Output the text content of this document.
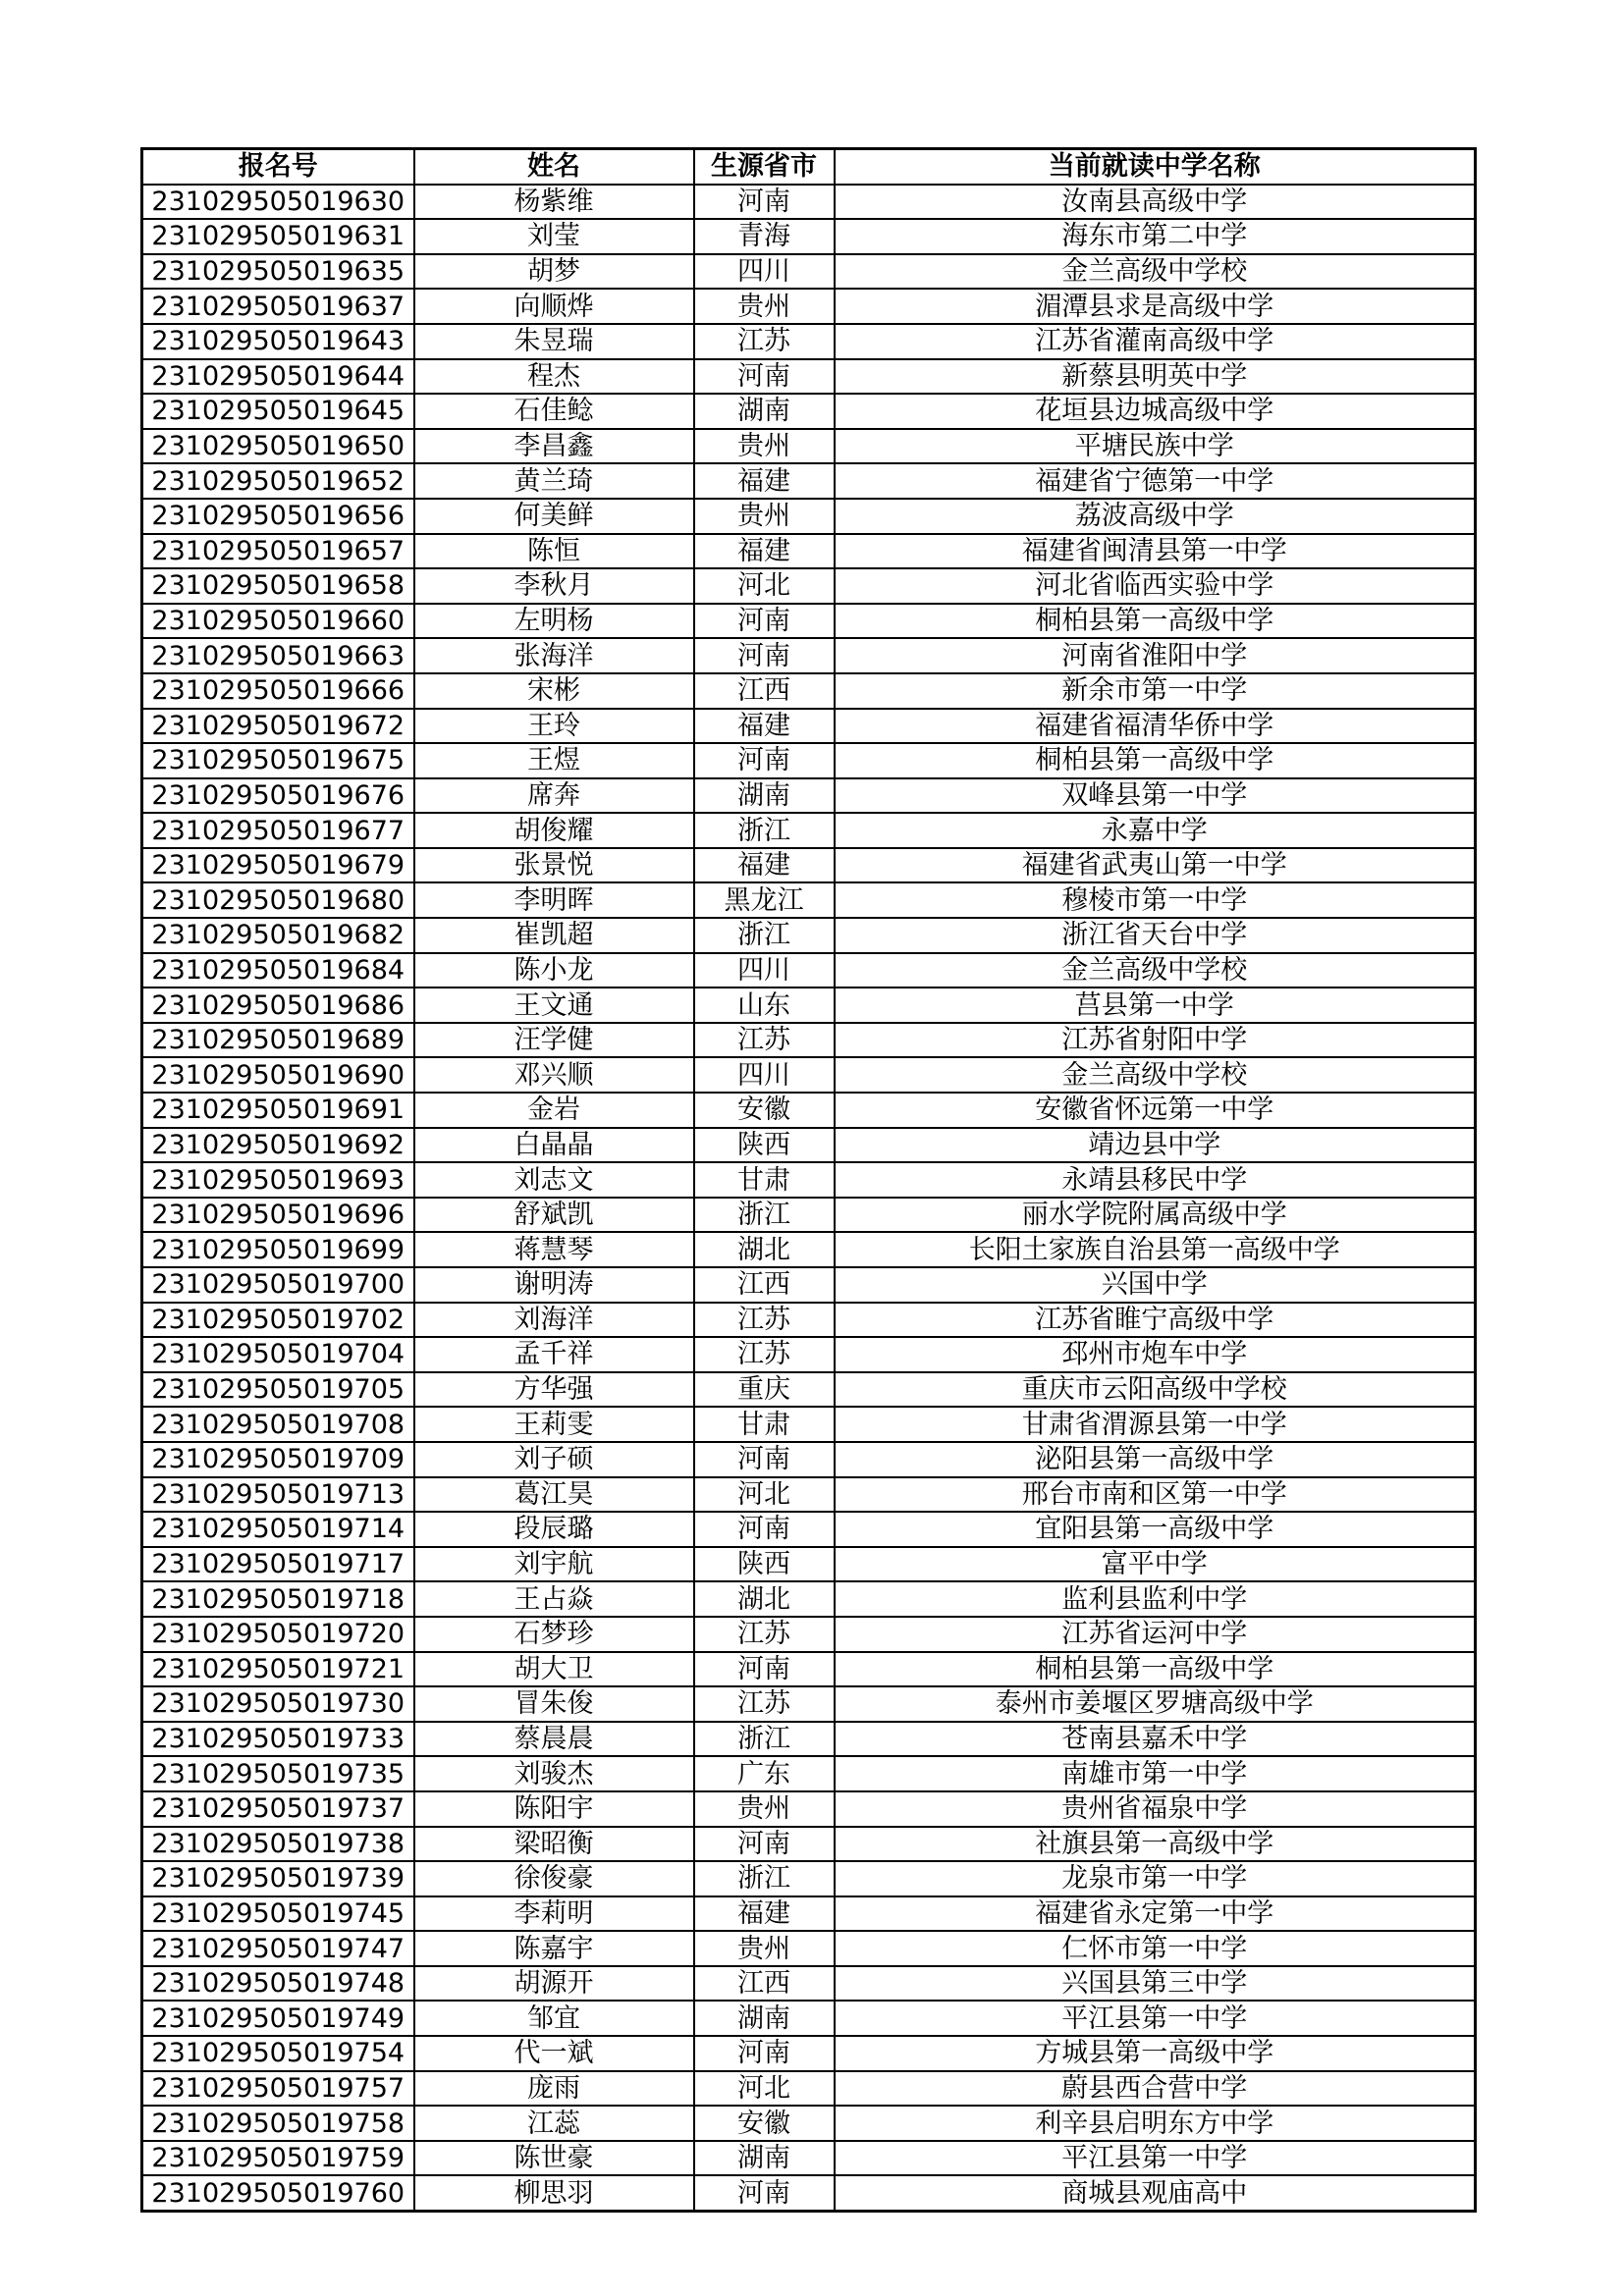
报名号	姓名	生源省市	当前就读中学名称
231029505019630	杨紫维	河南	汝南县高级中学
231029505019631	刘莹	青海	海东市第二中学
231029505019635	胡梦	四川	金兰高级中学校
231029505019637	向顺烨	贵州	湄潭县求是高级中学
231029505019643	朱昱瑞	江苏	江苏省灌南高级中学
231029505019644	程杰	河南	新蔡县明英中学
231029505019645	石佳鲶	湖南	花垣县边城高级中学
231029505019650	李昌鑫	贵州	平塘民族中学
231029505019652	黄兰琦	福建	福建省宁德第一中学
231029505019656	何美鲜	贵州	荔波高级中学
231029505019657	陈恒	福建	福建省闽清县第一中学
231029505019658	李秋月	河北	河北省临西实验中学
231029505019660	左明杨	河南	桐柏县第一高级中学
231029505019663	张海洋	河南	河南省淮阳中学
231029505019666	宋彬	江西	新余市第一中学
231029505019672	王玲	福建	福建省福清华侨中学
231029505019675	王煜	河南	桐柏县第一高级中学
231029505019676	席奔	湖南	双峰县第一中学
231029505019677	胡俊耀	浙江	永嘉中学
231029505019679	张景悦	福建	福建省武夷山第一中学
231029505019680	李明晖	黑龙江	穆棱市第一中学
231029505019682	崔凯超	浙江	浙江省天台中学
231029505019684	陈小龙	四川	金兰高级中学校
231029505019686	王文通	山东	莒县第一中学
231029505019689	汪学健	江苏	江苏省射阳中学
231029505019690	邓兴顺	四川	金兰高级中学校
231029505019691	金岩	安徽	安徽省怀远第一中学
231029505019692	白晶晶	陕西	靖边县中学
231029505019693	刘志文	甘肃	永靖县移民中学
231029505019696	舒斌凯	浙江	丽水学院附属高级中学
231029505019699	蒋慧琴	湖北	长阳土家族自治县第一高级中学
231029505019700	谢明涛	江西	兴国中学
231029505019702	刘海洋	江苏	江苏省睢宁高级中学
231029505019704	孟千祥	江苏	邳州市炮车中学
231029505019705	方华强	重庆	重庆市云阳高级中学校
231029505019708	王莉雯	甘肃	甘肃省渭源县第一中学
231029505019709	刘子硕	河南	泌阳县第一高级中学
231029505019713	葛江昊	河北	邢台市南和区第一中学
231029505019714	段辰璐	河南	宜阳县第一高级中学
231029505019717	刘宇航	陕西	富平中学
231029505019718	王占焱	湖北	监利县监利中学
231029505019720	石梦珍	江苏	江苏省运河中学
231029505019721	胡大卫	河南	桐柏县第一高级中学
231029505019730	冒朱俊	江苏	泰州市姜堰区罗塘高级中学
231029505019733	蔡晨晨	浙江	苍南县嘉禾中学
231029505019735	刘骏杰	广东	南雄市第一中学
231029505019737	陈阳宇	贵州	贵州省福泉中学
231029505019738	梁昭衡	河南	社旗县第一高级中学
231029505019739	徐俊豪	浙江	龙泉市第一中学
231029505019745	李莉明	福建	福建省永定第一中学
231029505019747	陈嘉宇	贵州	仁怀市第一中学
231029505019748	胡源开	江西	兴国县第三中学
231029505019749	邹宜	湖南	平江县第一中学
231029505019754	代一斌	河南	方城县第一高级中学
231029505019757	庞雨	河北	蔚县西合营中学
231029505019758	江蕊	安徽	利辛县启明东方中学
231029505019759	陈世豪	湖南	平江县第一中学
231029505019760	柳思羽	河南	商城县观庙高中
